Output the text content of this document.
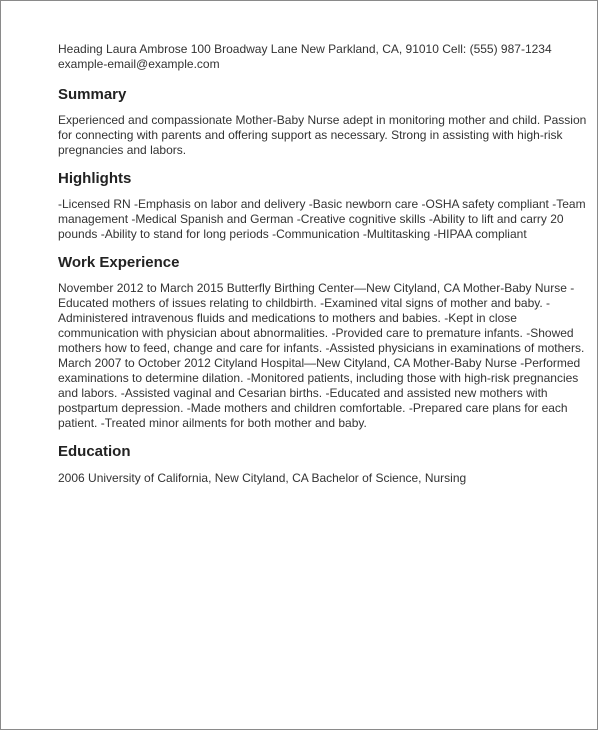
Heading Laura Ambrose 100 Broadway Lane New Parkland, CA, 91010 Cell: (555) 987-1234 example-email@example.com

Summary

Experienced and compassionate Mother-Baby Nurse adept in monitoring mother and child. Passion for connecting with parents and offering support as necessary. Strong in assisting with high-risk pregnancies and labors.

Highlights

-Licensed RN -Emphasis on labor and delivery -Basic newborn care -OSHA safety compliant -Team management -Medical Spanish and German -Creative cognitive skills -Ability to lift and carry 20 pounds -Ability to stand for long periods -Communication -Multitasking -HIPAA compliant

Work Experience

November 2012 to March 2015 Butterfly Birthing Center—New Cityland, CA Mother-Baby Nurse -Educated mothers of issues relating to childbirth. -Examined vital signs of mother and baby. -Administered intravenous fluids and medications to mothers and babies. -Kept in close communication with physician about abnormalities. -Provided care to premature infants. -Showed mothers how to feed, change and care for infants. -Assisted physicians in examinations of mothers. March 2007 to October 2012 Cityland Hospital—New Cityland, CA Mother-Baby Nurse -Performed examinations to determine dilation. -Monitored patients, including those with high-risk pregnancies and labors. -Assisted vaginal and Cesarian births. -Educated and assisted new mothers with postpartum depression. -Made mothers and children comfortable. -Prepared care plans for each patient. -Treated minor ailments for both mother and baby.

Education

2006 University of California, New Cityland, CA Bachelor of Science, Nursing
